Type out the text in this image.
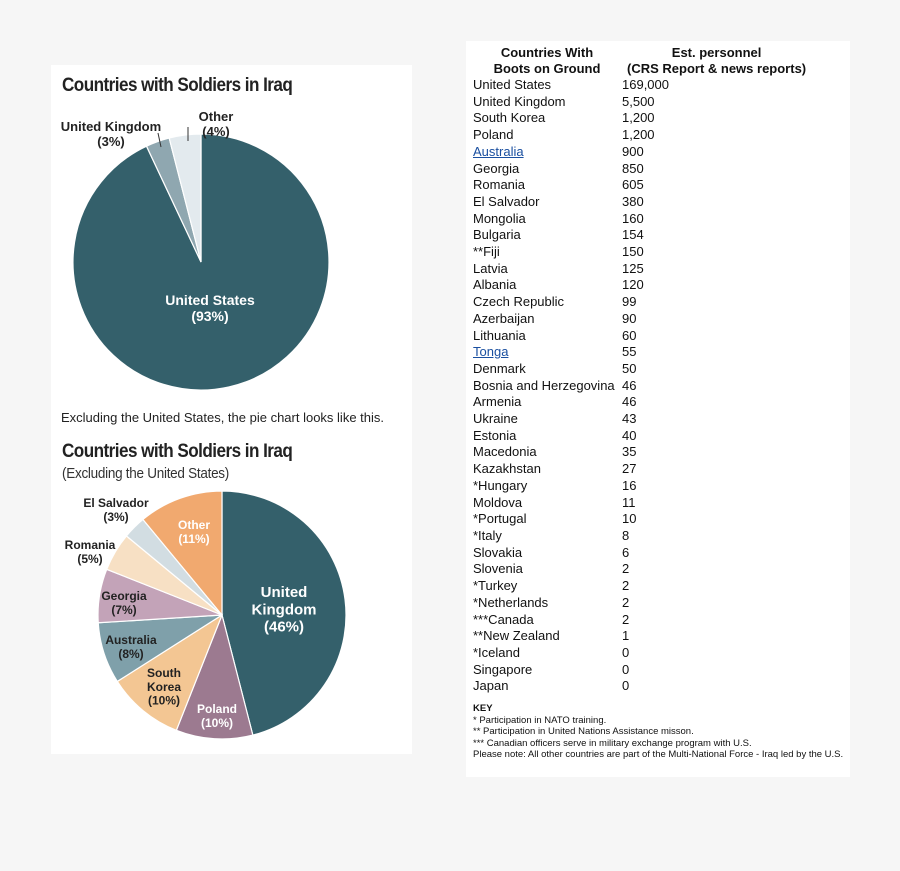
Countries with Soldiers in Iraq
United States (93%)
United Kingdom (3%)
Other (4%)
Excluding the United States, the pie chart looks like this.
Countries with Soldiers in Iraq
(Excluding the United States)
United Kingdom (46%)
Poland (10%)
South Korea (10%)
Australia (8%)
Georgia (7%)
Romania (5%)
El Salvador (3%)
Other (11%)
Countries With
Boots on Ground	Est. personnel
(CRS Report & news reports)
United States	169,000
United Kingdom	5,500
South Korea	1,200
Poland	1,200
Australia	900
Georgia	850
Romania	605
El Salvador	380
Mongolia	160
Bulgaria	154
**Fiji	150
Latvia	125
Albania	120
Czech Republic	99
Azerbaijan	90
Lithuania	60
Tonga	55
Denmark	50
Bosnia and Herzegovina	46
Armenia	46
Ukraine	43
Estonia	40
Macedonia	35
Kazakhstan	27
*Hungary	16
Moldova	11
*Portugal	10
*Italy	8
Slovakia	6
Slovenia	2
*Turkey	2
*Netherlands	2
***Canada	2
**New Zealand	1
*Iceland	0
Singapore	0
Japan	0
KEY
* Participation in NATO training.
** Participation in United Nations Assistance misson.
*** Canadian officers serve in military exchange program with U.S.
Please note: All other countries are part of the Multi-National Force - Iraq led by the U.S.
